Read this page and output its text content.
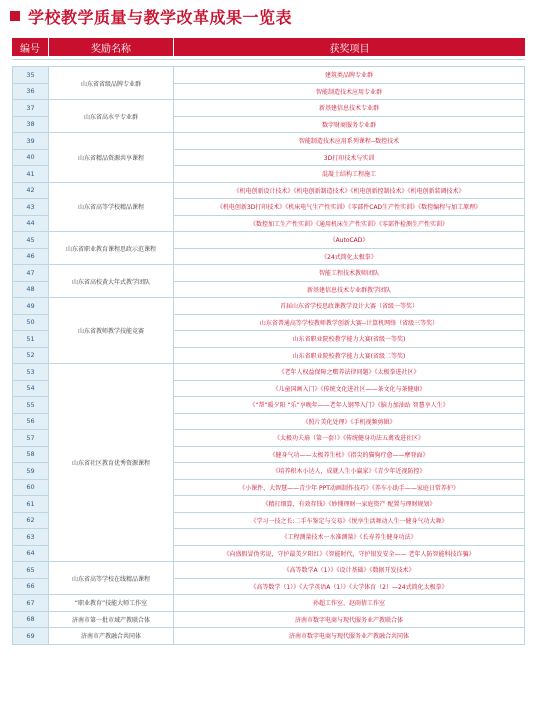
学校教学质量与教学改革成果一览表
编号	奖励名称	获奖项目
35	山东省省级品牌专业群	建筑类品牌专业群
36		智能制造技术应用专业群
37	山东省高水平专业群	新基建信息技术专业群
38		数字财商服务专业群
39	山东省精品资源共享课程	智能制造技术应用系列课程--数控技术
40		3D打印技术与实训
41		混凝土结构工程施工
42	山东省高等学校精品课程	《机电创新设计技术》《机电创新制造技术》《机电创新控制技术》《机电创新装调技术》
43		《机电创新3D打印技术》《机床电气生产性实训》《零部件CAD生产性实训》《数控编程与加工原理》
44		《数控加工生产性实训》《通用机床生产性实训》《零部件检测生产性实训》
45	山东省职业教育课程思政示范课程	《AutoCAD》
46		《24式简化太极拳》
47	山东省高校黄大年式教学团队	智能工程技术教师团队
48		新基建信息技术专业群教学团队
49	山东省教师教学技能竞赛	首届山东省学校思政课教学设计大赛（省级一等奖）
50		山东省普通高等学校教师教学创新大赛--计算机网络（省级三等奖）
51		山东省职业院校教学能力大赛(省级一等奖)
52		山东省职业院校教学能力大赛(省级二等奖)
53	山东省社区教育优秀资源课程	《老年人权益保障之赡养法律问题》《太极拳进社区》
54		《儿童国画入门》《传统文化进社区——茶文化与茶健康》
55		《“帮”暖夕阳 “乐”享晚年——老年人钢琴入门》《脑力加油站 智慧享人生》
56		《照片美化处理》《手机视频剪辑》
57		《太极功夫扇（第一套）》《传统健身功法五禽戏进社区》
58		《健身气功——太极养生杖》《指尖的猫狗疗愈——摩登面》
59		《培养积木小达人，成就人生小赢家》《青少年近视防控》
60		《小课件，大智慧——青少年 PPT动画制作技巧》《养车小助手——家庭日常养护》
61		《精打细算，有效存钱》《妙懂理财一家庭资产 配置与理财规划》
62		《学习一技之长:二手车鉴定与交易》《悦享生活舞动人生一健身气功大舞》
63		《工程测量技术一水准测量》《长寿养生健身功法》
64		《向盛假冒伪劣说，守护最美夕阳红》《智能时代，守护银发安全—— 老年人防智能科技诈骗》
65	山东省高等学校在线精品课程	《高等数学A（1）》《设计基础》《数据开发技术》
66		《高等数学（1）》《大学英语A（1）》《大学体育（2）—24式简化太极拳》
67	“职业教育”技能大师工作室	孙超工作室、赵雨倩工作室
68	济南市第一批市域产教联合体	济南市数字电商与现代服务业产教联合体
69	济南市产教融合共同体	济南市数字电商与现代服务业产教融合共同体
